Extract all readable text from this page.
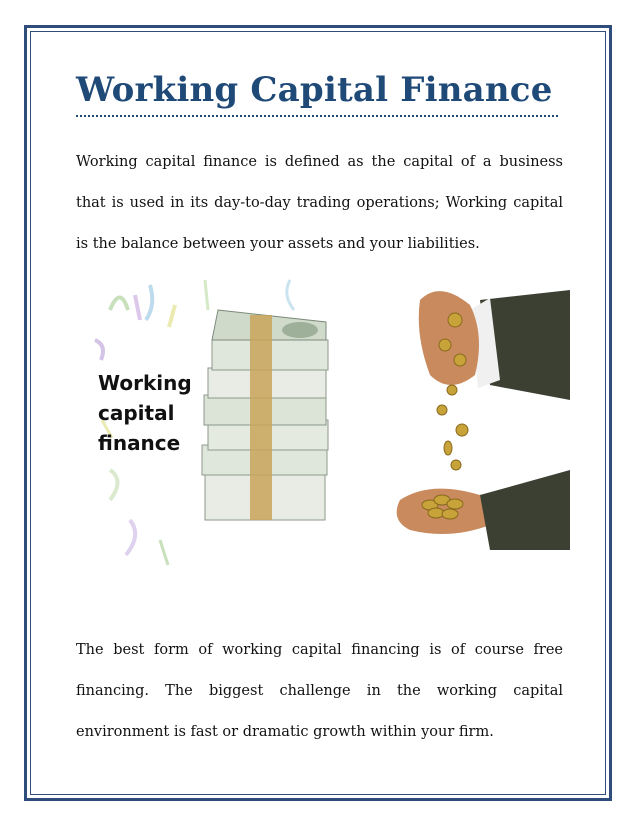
Working Capital Finance

Working capital finance is defined as the capital of a business that is used in its day-to-day trading operations; Working capital is the balance between your assets and your liabilities.

Working
capital
finance

The best form of working capital financing is of course free financing. The biggest challenge in the working capital environment is fast or dramatic growth within your firm.
